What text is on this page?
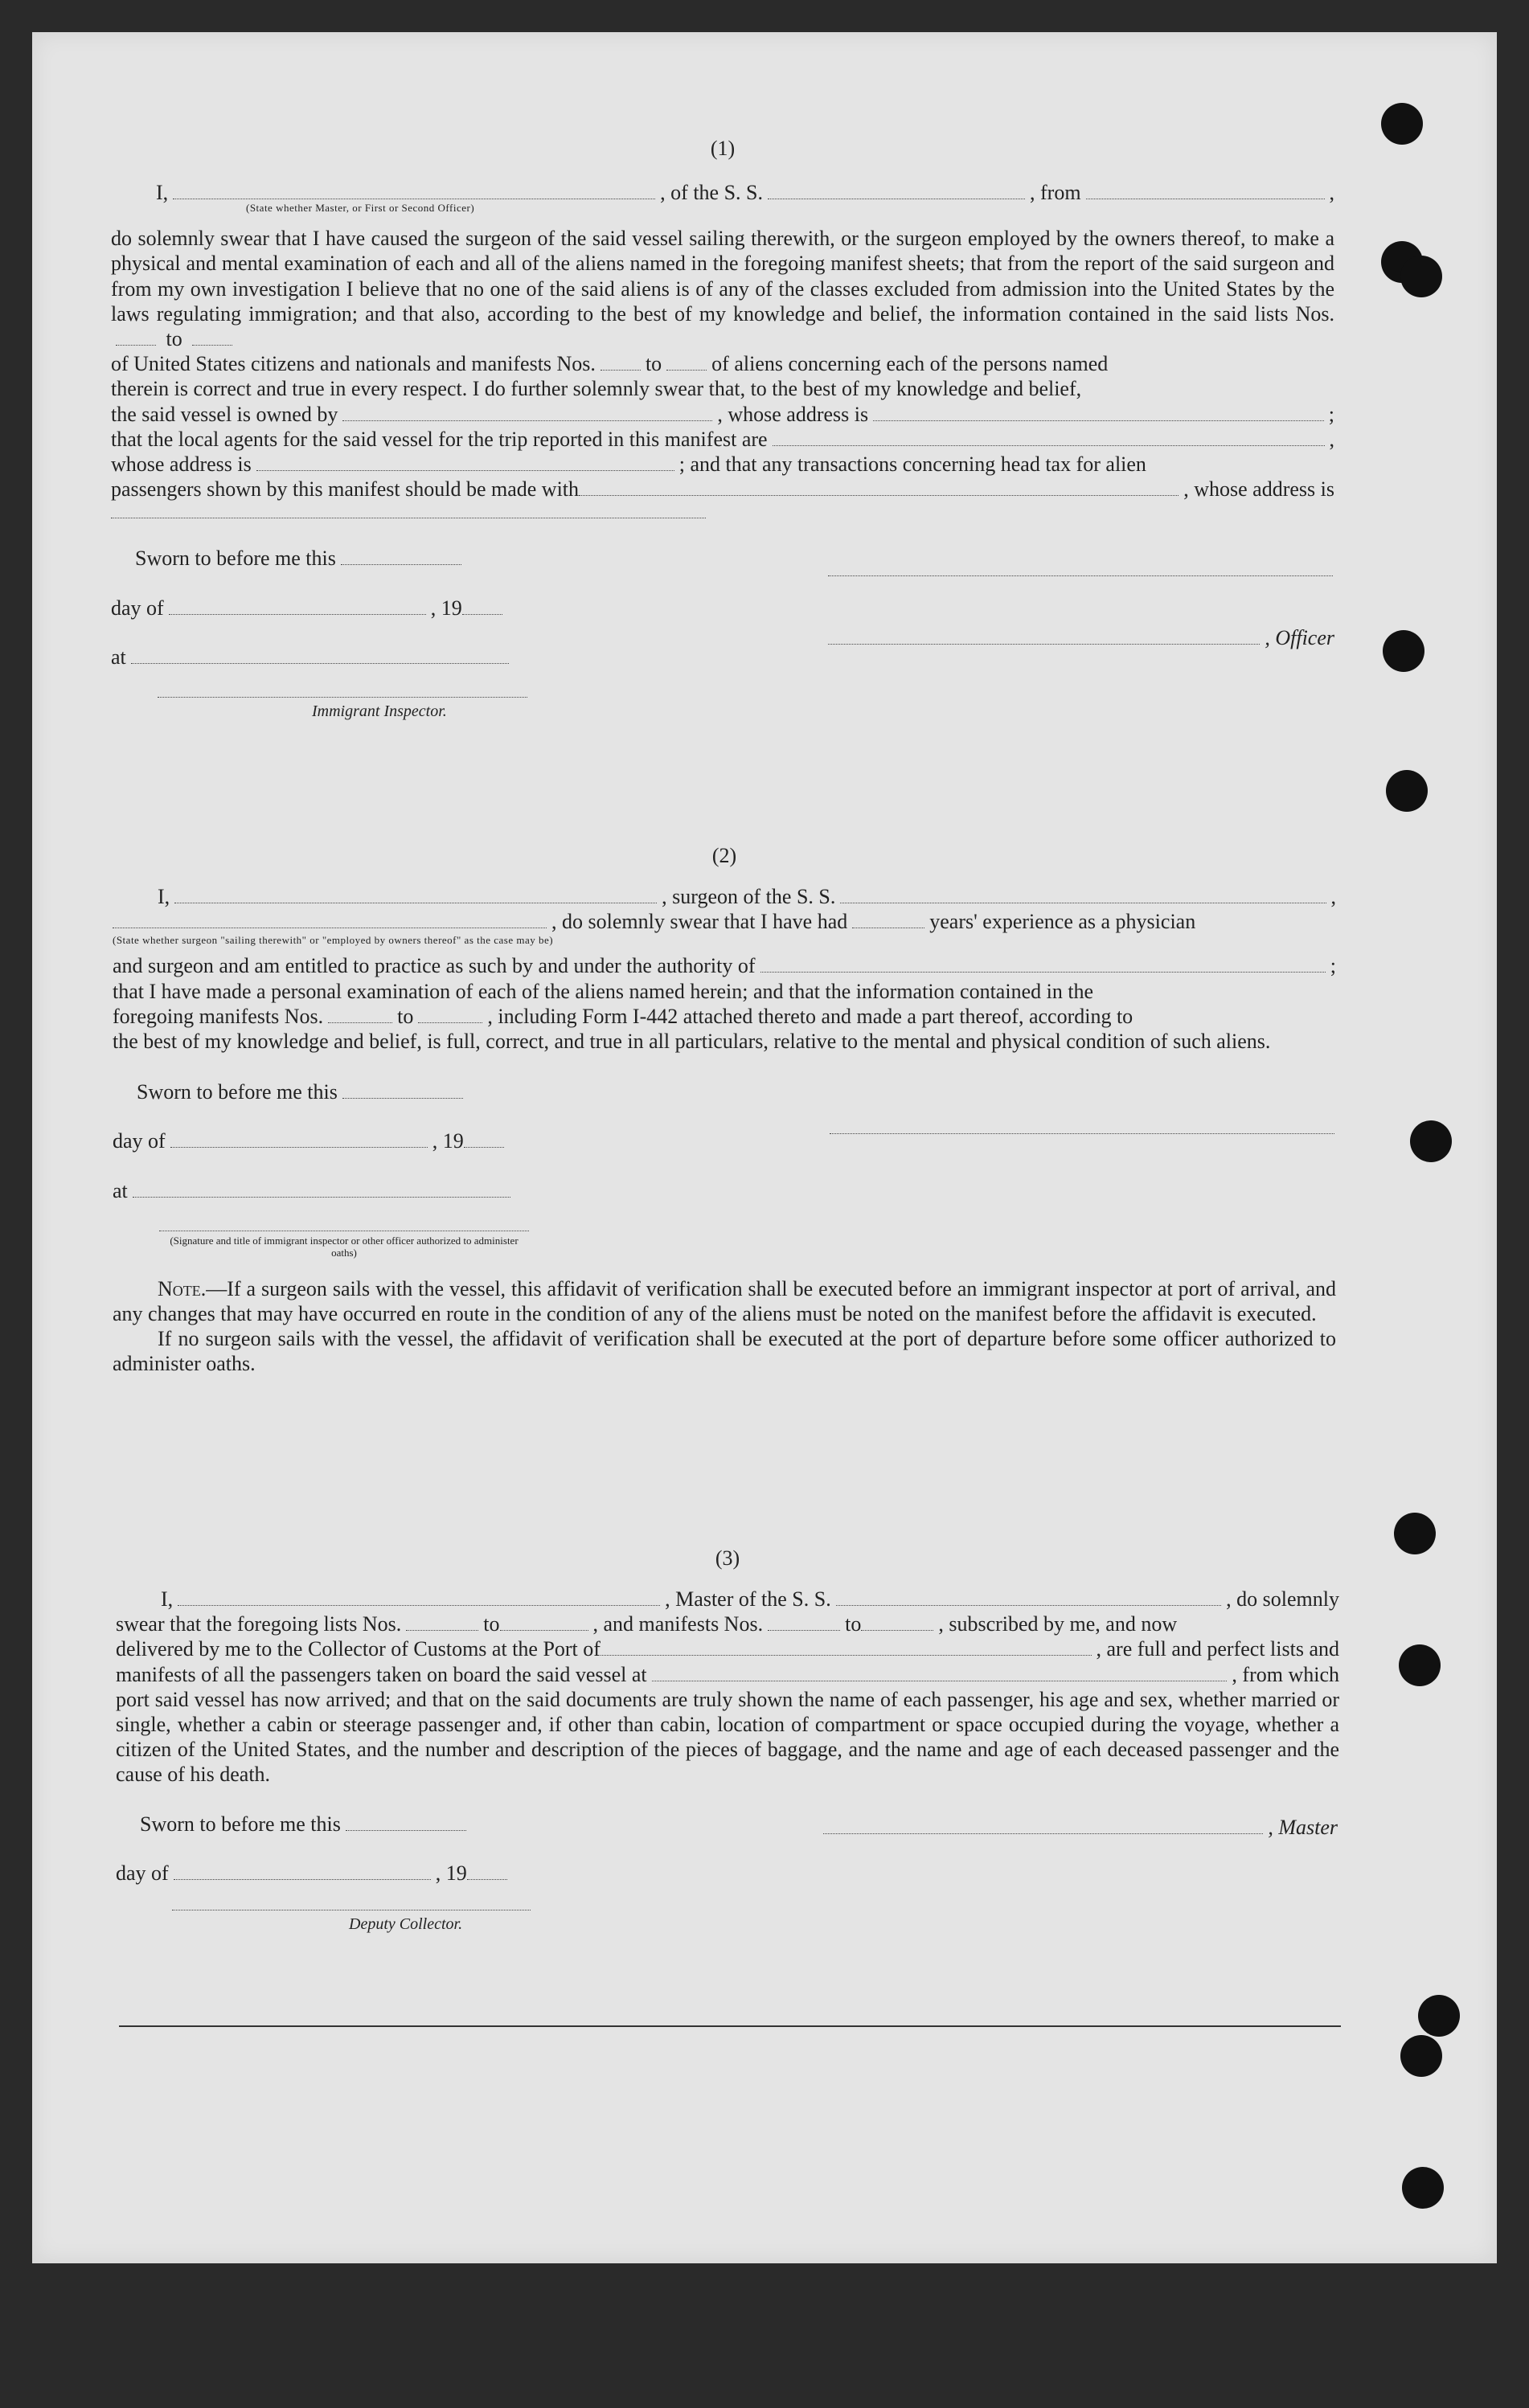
(1)

I,	, of the S. S.	, from	,
(State whether Master, or First or Second Officer)

do solemnly swear that I have caused the surgeon of the said vessel sailing therewith, or the surgeon employed by the owners thereof, to make a physical and mental examination of each and all of the aliens named in the foregoing manifest sheets; that from the report of the said surgeon and from my own investigation I believe that no one of the said aliens is of any of the classes excluded from admission into the United States by the laws regulating immigration; and that also, according to the best of my knowledge and belief, the information contained in the said lists Nos.  to

of United States citizens and nationals and manifests Nos. to of aliens concerning each of the persons named

therein is correct and true in every respect. I do further solemnly swear that, to the best of my knowledge and belief,

the said vessel is owned by	, whose address is	;
that the local agents for the said vessel for the trip reported in this manifest are	,
whose address is	; and that any transactions concerning head tax for alien
passengers shown by this manifest should be made with	, whose address is
Sworn to before me this
day of	, 19
at
Immigrant Inspector.
, Officer

(2)

I,	, surgeon of the S. S.	,
, do solemnly swear that I have had	years' experience as a physician
(State whether surgeon "sailing therewith" or "employed by owners thereof" as the case may be)
and surgeon and am entitled to practice as such by and under the authority of	;

that I have made a personal examination of each of the aliens named herein; and that the information contained in the

foregoing manifests Nos.	to	, including Form I-442 attached thereto and made a part thereof, according to

the best of my knowledge and belief, is full, correct, and true in all particulars, relative to the mental and physical condition of such aliens.

Sworn to before me this
day of	, 19
at
(Signature and title of immigrant inspector or other officer authorized to administer oaths)

Note.—If a surgeon sails with the vessel, this affidavit of verification shall be executed before an immigrant inspector at port of arrival, and any changes that may have occurred en route in the condition of any of the aliens must be noted on the manifest before the affidavit is executed.

If no surgeon sails with the vessel, the affidavit of verification shall be executed at the port of departure before some officer authorized to administer oaths.

(3)

I,	, Master of the S. S.	, do solemnly
swear that the foregoing lists Nos.	to	, and manifests Nos.	to	, subscribed by me, and now
delivered by me to the Collector of Customs at the Port of	, are full and perfect lists and
manifests of all the passengers taken on board the said vessel at	, from which

port said vessel has now arrived; and that on the said documents are truly shown the name of each passenger, his age and sex, whether married or single, whether a cabin or steerage passenger and, if other than cabin, location of compartment or space occupied during the voyage, whether a citizen of the United States, and the number and description of the pieces of baggage, and the name and age of each deceased passenger and the cause of his death.

Sworn to before me this
day of	, 19
Deputy Collector.
, Master
